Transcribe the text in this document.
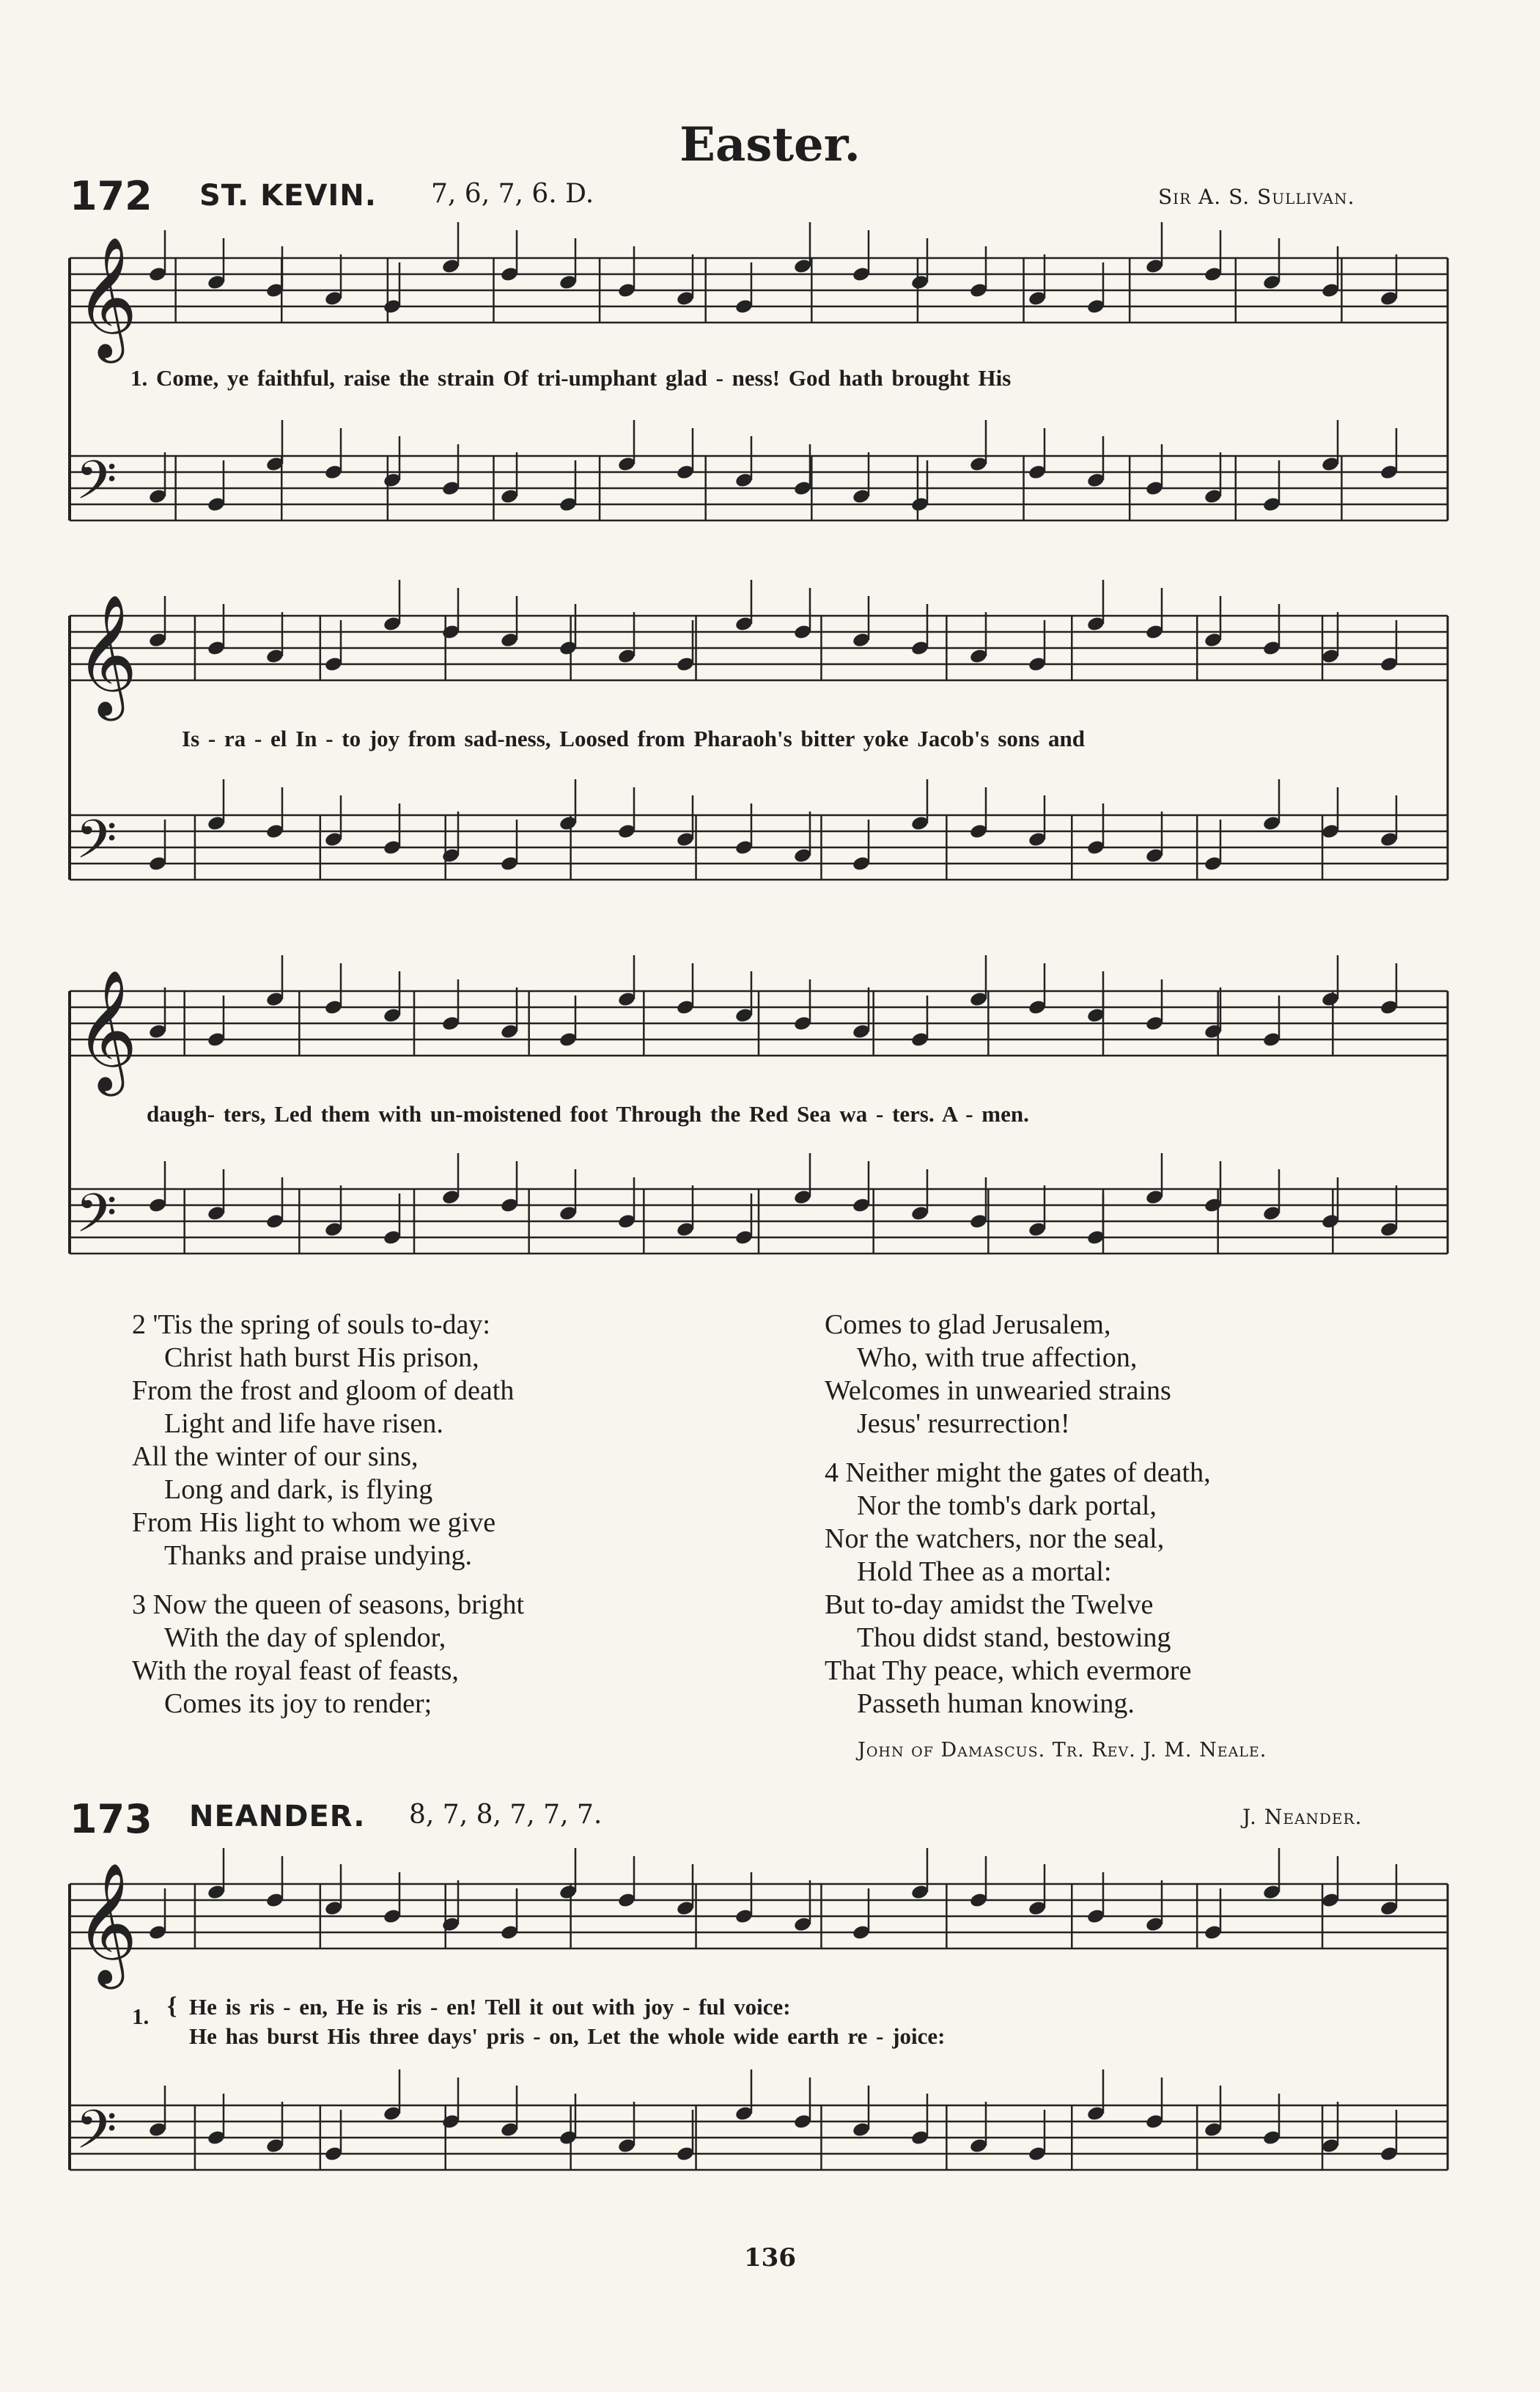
Easter.
172 ST. KEVIN. 7, 6, 7, 6. D.	Sir A. S. Sullivan.
𝄞
𝄢
𝄞
𝄢
𝄞
𝄢
𝄞
𝄢
1. Come, ye faithful, raise the strain Of tri-umphant glad - ness! God hath brought His
Is - ra - el In - to joy from sad-ness, Loosed from Pharaoh's bitter yoke Jacob's sons and
daugh- ters, Led them with un-moistened foot Through the Red Sea wa - ters. A - men.
2 'Tis the spring of souls to-day:
Christ hath burst His prison,
From the frost and gloom of death
Light and life have risen.
All the winter of our sins,
Long and dark, is flying
From His light to whom we give
Thanks and praise undying.
3 Now the queen of seasons, bright
With the day of splendor,
With the royal feast of feasts,
Comes its joy to render;
Comes to glad Jerusalem,
Who, with true affection,
Welcomes in unwearied strains
Jesus' resurrection!
4 Neither might the gates of death,
Nor the tomb's dark portal,
Nor the watchers, nor the seal,
Hold Thee as a mortal:
But to-day amidst the Twelve
Thou didst stand, bestowing
That Thy peace, which evermore
Passeth human knowing.
John of Damascus. Tr. Rev. J. M. Neale.
173 NEANDER. 8, 7, 8, 7, 7, 7.	J. Neander.
1. { He is ris - en, He is ris - en! Tell it out with joy - ful voice:
He has burst His three days' pris - on, Let the whole wide earth re - joice:
136
